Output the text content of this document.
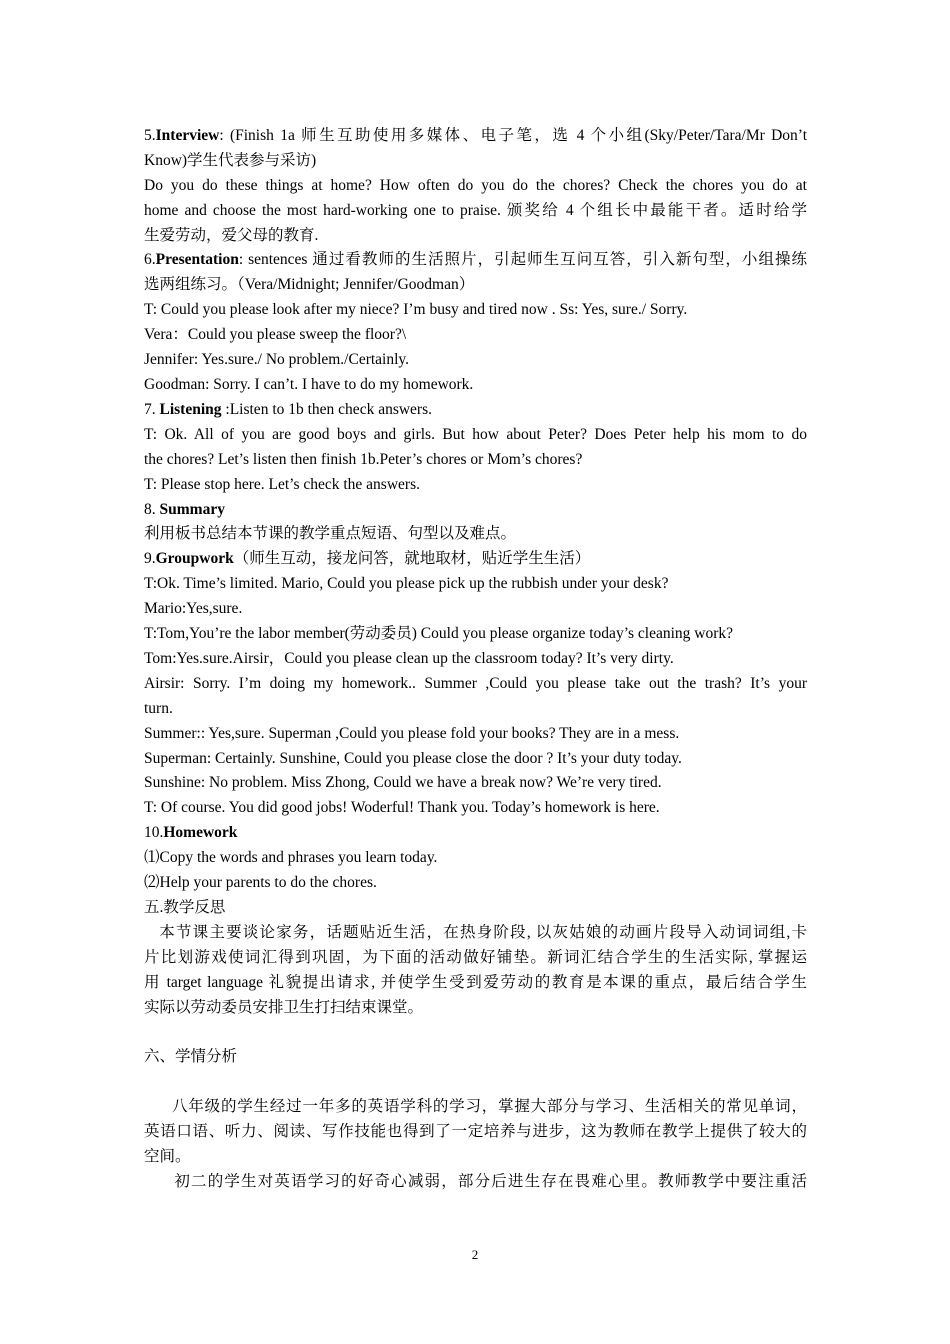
5.Interview: (Finish 1a 师生互助使用多媒体、电子笔，选 4 个小组(Sky/Peter/Tara/Mr Don’t
Know)学生代表参与采访)
Do you do these things at home? How often do you do the chores? Check the chores you do at
home and choose the most hard-working one to praise. 颁奖给 4 个组长中最能干者。适时给学
生爱劳动，爱父母的教育.
6.Presentation: sentences 通过看教师的生活照片，引起师生互问互答，引入新句型，小组操练
选两组练习。（Vera/Midnight; Jennifer/Goodman）
T: Could you please look after my niece? I’m busy and tired now . Ss: Yes, sure./ Sorry.
Vera：Could you please sweep the floor?\
Jennifer: Yes.sure./ No problem./Certainly.
Goodman: Sorry. I can’t. I have to do my homework.
7. Listening :Listen to 1b then check answers.
T: Ok. All of you are good boys and girls. But how about Peter? Does Peter help his mom to do
the chores? Let’s listen then finish 1b.Peter’s chores or Mom’s chores?
T: Please stop here. Let’s check the answers.
8. Summary
利用板书总结本节课的教学重点短语、句型以及难点。
9.Groupwork（师生互动，接龙问答，就地取材，贴近学生生活）
T:Ok. Time’s limited. Mario, Could you please pick up the rubbish under your desk?
Mario:Yes,sure.
T:Tom,You’re the labor member(劳动委员) Could you please organize today’s cleaning work?
Tom:Yes.sure.Airsir，Could you please clean up the classroom today? It’s very dirty.
Airsir: Sorry. I’m doing my homework.. Summer ,Could you please take out the trash? It’s your
turn.
Summer:: Yes,sure. Superman ,Could you please fold your books? They are in a mess.
Superman: Certainly. Sunshine, Could you please close the door ? It’s your duty today.
Sunshine: No problem. Miss Zhong, Could we have a break now? We’re very tired.
T: Of course. You did good jobs! Woderful! Thank you. Today’s homework is here.
10.Homework
⑴Copy the words and phrases you learn today.
⑵Help your parents to do the chores.
五.教学反思
本节课主要谈论家务，话题贴近生活，在热身阶段, 以灰姑娘的动画片段导入动词词组,卡
片比划游戏使词汇得到巩固，为下面的活动做好铺垫。新词汇结合学生的生活实际, 掌握运
用 target language 礼貌提出请求, 并使学生受到爱劳动的教育是本课的重点，最后结合学生
实际以劳动委员安排卫生打扫结束课堂。
六、学情分析
八年级的学生经过一年多的英语学科的学习，掌握大部分与学习、生活相关的常见单词，
英语口语、听力、阅读、写作技能也得到了一定培养与进步，这为教师在教学上提供了较大的
空间。
初二的学生对英语学习的好奇心减弱，部分后进生存在畏难心里。教师教学中要注重活
2
